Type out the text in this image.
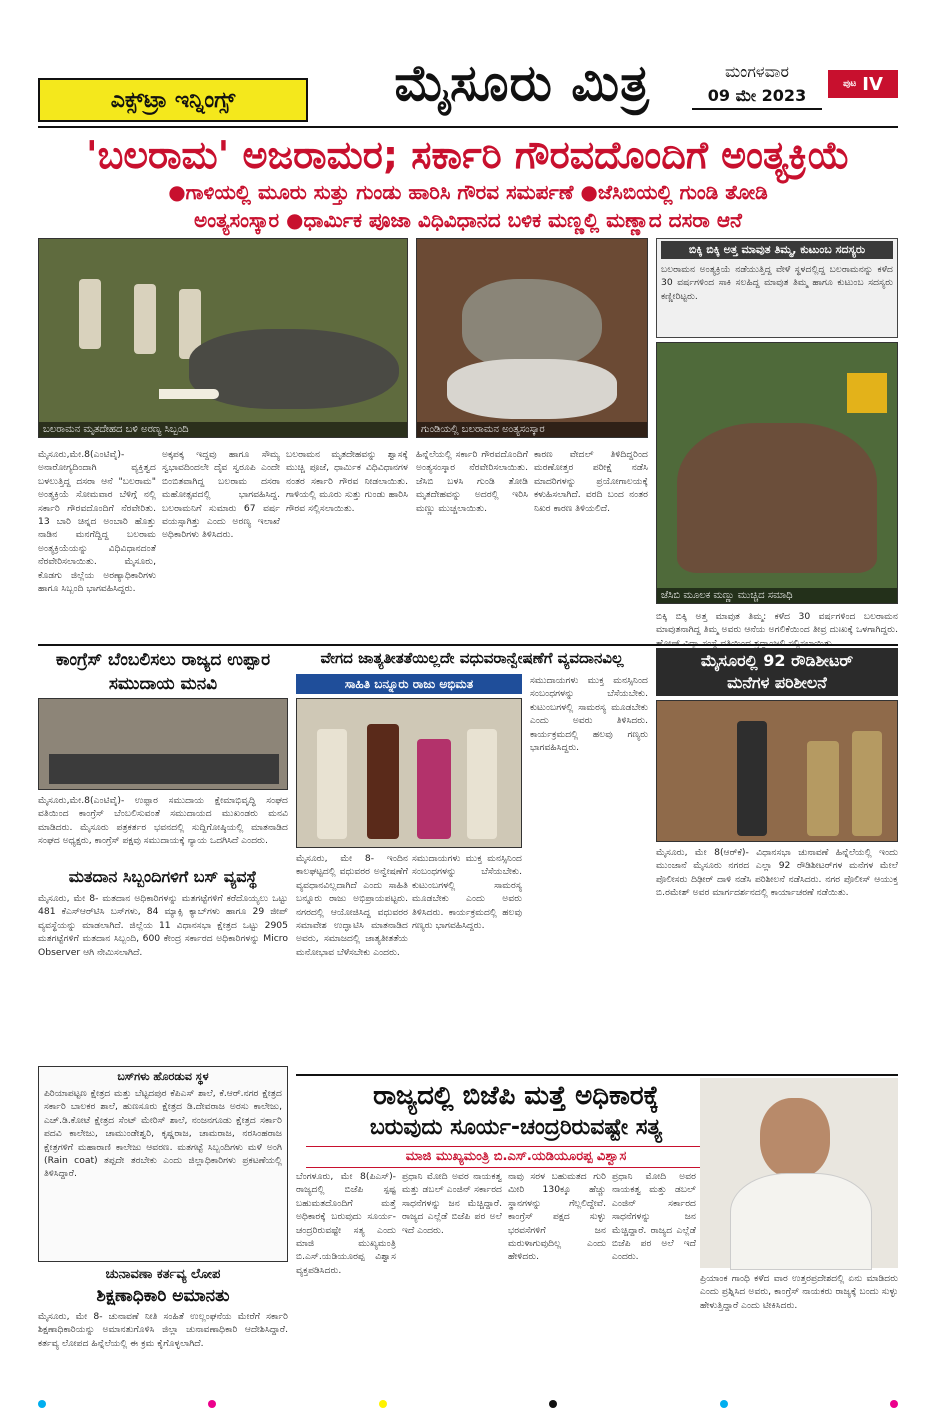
ಎಕ್ಸ್‌ಟ್ರಾ ಇನ್ನಿಂಗ್ಸ್	ಮೈಸೂರು ಮಿತ್ರ	ಮಂಗಳವಾರ
09 ಮೇ 2023
ಪುಟ IV
'ಬಲರಾಮ' ಅಜರಾಮರ; ಸರ್ಕಾರಿ ಗೌರವದೊಂದಿಗೆ ಅಂತ್ಯಕ್ರಿಯೆ
●ಗಾಳಿಯಲ್ಲಿ ಮೂರು ಸುತ್ತು ಗುಂಡು ಹಾರಿಸಿ ಗೌರವ ಸಮರ್ಪಣೆ ●ಜೆಸಿಬಿಯಲ್ಲಿ ಗುಂಡಿ ತೋಡಿ
ಅಂತ್ಯಸಂಸ್ಕಾರ ●ಧಾರ್ಮಿಕ ಪೂಜಾ ವಿಧಿವಿಧಾನದ ಬಳಿಕ ಮಣ್ಣಲ್ಲಿ ಮಣ್ಣಾದ ದಸರಾ ಆನೆ
ಬಲರಾಮನ ಮೃತದೇಹದ ಬಳಿ ಅರಣ್ಯ ಸಿಬ್ಬಂದಿ	ಗುಂಡಿಯಲ್ಲಿ ಬಲರಾಮನ ಅಂತ್ಯಸಂಸ್ಕಾರ
ಬಿಕ್ಕಿ ಬಿಕ್ಕಿ ಅತ್ತ ಮಾವುತ ತಿಮ್ಮ, ಕುಟುಂಬ ಸದಸ್ಯರು
ಬಲರಾಮನ ಅಂತ್ಯಕ್ರಿಯೆ ನಡೆಯುತ್ತಿದ್ದ ವೇಳೆ ಸ್ಥಳದಲ್ಲಿದ್ದ ಬಲರಾಮನನ್ನು ಕಳೆದ 30 ವರ್ಷಗಳಿಂದ ಸಾಕಿ ಸಲಹಿದ್ದ ಮಾವುತ ತಿಮ್ಮ ಹಾಗೂ ಕುಟುಂಬ ಸದಸ್ಯರು ಕಣ್ಣೀರಿಟ್ಟರು.
ಜೆಸಿಬಿ ಮೂಲಕ ಮಣ್ಣು ಮುಚ್ಚಿದ ಸಮಾಧಿ
ಮೈಸೂರು,ಮೇ.8(ಎಂಟಿವೈ)- ಅನಾರೋಗ್ಯದಿಂದಾಗಿ ವ್ಯಕ್ತಿತ್ವದ ಬಳಲುತ್ತಿದ್ದ ದಸರಾ ಆನೆ "ಬಲರಾಮ" ಅಂತ್ಯಕ್ರಿಯೆ ಸೋಮವಾರ ಬೆಳಿಗ್ಗೆ ನಲ್ಲಿ ಸರ್ಕಾರಿ ಗೌರವದೊಂದಿಗೆ ನೆರವೇರಿತು. 13 ಬಾರಿ ಚಿನ್ನದ ಅಂಬಾರಿ ಹೊತ್ತು ನಾಡಿನ ಮನಗೆದ್ದಿದ್ದ ಬಲರಾಮ ಅಂತ್ಯಕ್ರಿಯೆಯನ್ನು ವಿಧಿವಿಧಾನದಂತೆ ನೆರವೇರಿಸಲಾಯಿತು. ಮೈಸೂರು, ಕೊಡಗು ಜಿಲ್ಲೆಯ ಅರಣ್ಯಾಧಿಕಾರಿಗಳು ಹಾಗೂ ಸಿಬ್ಬಂದಿ ಭಾಗವಹಿಸಿದ್ದರು.
ಅಕ್ಕಪಕ್ಕ ಇದ್ದವು ಹಾಗೂ ಸೌಮ್ಯ ಸ್ವಭಾವದಿಂದಲೇ ದೈವ ಸ್ವರೂಪಿ ಎಂದೇ ಬಿಂಬಿತವಾಗಿದ್ದ ಬಲರಾಮ ದಸರಾ ಮಹೋತ್ಸವದಲ್ಲಿ ಭಾಗವಹಿಸಿದ್ದ. ಬಲರಾಮನಿಗೆ ಸುಮಾರು 67 ವರ್ಷ ವಯಸ್ಸಾಗಿತ್ತು ಎಂದು ಅರಣ್ಯ ಇಲಾಖೆ ಅಧಿಕಾರಿಗಳು ತಿಳಿಸಿದರು.
ಬಲರಾಮನ ಮೃತದೇಹವನ್ನು ಶ್ವಾಸಕ್ಕೆ ಮುಚ್ಚಿ ಪೂಜೆ, ಧಾರ್ಮಿಕ ವಿಧಿವಿಧಾನಗಳ ನಂತರ ಸರ್ಕಾರಿ ಗೌರವ ನೀಡಲಾಯಿತು. ಗಾಳಿಯಲ್ಲಿ ಮೂರು ಸುತ್ತು ಗುಂಡು ಹಾರಿಸಿ ಗೌರವ ಸಲ್ಲಿಸಲಾಯಿತು.
ಹಿನ್ನೆಲೆಯಲ್ಲಿ ಸರ್ಕಾರಿ ಗೌರವದೊಂದಿಗೆ ಅಂತ್ಯಸಂಸ್ಕಾರ ನೆರವೇರಿಸಲಾಯಿತು. ಜೆಸಿಬಿ ಬಳಸಿ ಗುಂಡಿ ತೋಡಿ ಮೃತದೇಹವನ್ನು ಅದರಲ್ಲಿ ಇರಿಸಿ ಮಣ್ಣು ಮುಚ್ಚಲಾಯಿತು.
ಕಾರಣ ವೇದಲ್ ತಿಳಿದಿದ್ದರಿಂದ ಮರಣೋತ್ತರ ಪರೀಕ್ಷೆ ನಡೆಸಿ ಮಾದರಿಗಳನ್ನು ಪ್ರಯೋಗಾಲಯಕ್ಕೆ ಕಳುಹಿಸಲಾಗಿದೆ. ವರದಿ ಬಂದ ನಂತರ ನಿಖರ ಕಾರಣ ತಿಳಿಯಲಿದೆ.
ಬಿಕ್ಕಿ ಬಿಕ್ಕಿ ಅತ್ತ ಮಾವುತ ತಿಮ್ಮ: ಕಳೆದ 30 ವರ್ಷಗಳಿಂದ ಬಲರಾಮನ ಮಾವುತನಾಗಿದ್ದ ತಿಮ್ಮ ಅವರು ಆನೆಯ ಅಗಲಿಕೆಯಿಂದ ತೀವ್ರ ದುಃಖಕ್ಕೆ ಒಳಗಾಗಿದ್ದರು.
ಕಾಂಗ್ರೆಸ್ ಬೆಂಬಲಿಸಲು ರಾಜ್ಯದ ಉಪ್ಪಾರ ಸಮುದಾಯ ಮನವಿ
ಮೈಸೂರು,ಮೇ.8(ಎಂಟಿವೈ)- ಉಪ್ಪಾರ ಸಮುದಾಯ ಕ್ಷೇಮಾಭಿವೃದ್ಧಿ ಸಂಘದ ವತಿಯಿಂದ ಕಾಂಗ್ರೆಸ್ ಬೆಂಬಲಿಸುವಂತೆ ಸಮುದಾಯದ ಮುಖಂಡರು ಮನವಿ ಮಾಡಿದರು. ಮೈಸೂರು ಪತ್ರಕರ್ತರ ಭವನದಲ್ಲಿ ಸುದ್ದಿಗೋಷ್ಠಿಯಲ್ಲಿ ಮಾತನಾಡಿದ ಸಂಘದ ಅಧ್ಯಕ್ಷರು, ಕಾಂಗ್ರೆಸ್ ಪಕ್ಷವು ಸಮುದಾಯಕ್ಕೆ ನ್ಯಾಯ ಒದಗಿಸಿದೆ ಎಂದರು.
ಮತದಾನ ಸಿಬ್ಬಂದಿಗಳಿಗೆ ಬಸ್ ವ್ಯವಸ್ಥೆ
ಮೈಸೂರು, ಮೇ 8- ಮತದಾನ ಅಧಿಕಾರಿಗಳನ್ನು ಮತಗಟ್ಟೆಗಳಿಗೆ ಕರೆದೊಯ್ಯಲು ಒಟ್ಟು 481 ಕೆಎಸ್‌ಆರ್‌ಟಿಸಿ ಬಸ್‌ಗಳು, 84 ಮ್ಯಾಕ್ಸಿ ಕ್ಯಾಬ್‌ಗಳು ಹಾಗೂ 29 ಜೀಪ್ ವ್ಯವಸ್ಥೆಯನ್ನು ಮಾಡಲಾಗಿದೆ. ಜಿಲ್ಲೆಯ 11 ವಿಧಾನಸಭಾ ಕ್ಷೇತ್ರದ ಒಟ್ಟು 2905 ಮತಗಟ್ಟೆಗಳಿಗೆ ಮತದಾನ ಸಿಬ್ಬಂದಿ, 600 ಕೇಂದ್ರ ಸರ್ಕಾರದ ಅಧಿಕಾರಿಗಳನ್ನು Micro Observer ಆಗಿ ನೇಮಿಸಲಾಗಿದೆ.
ಬಸ್‌ಗಳು ಹೊರಡುವ ಸ್ಥಳ
ಪಿರಿಯಾಪಟ್ಟಣ ಕ್ಷೇತ್ರದ ಮತ್ತು ಬೆಟ್ಟದಪುರ ಕೆಪಿಎಸ್ ಶಾಲೆ, ಕೆ.ಆರ್.ನಗರ ಕ್ಷೇತ್ರದ ಸರ್ಕಾರಿ ಬಾಲಕರ ಶಾಲೆ, ಹುಣಸೂರು ಕ್ಷೇತ್ರದ ಡಿ.ದೇವರಾಜ ಅರಸು ಕಾಲೇಜು, ಎಚ್.ಡಿ.ಕೋಟೆ ಕ್ಷೇತ್ರದ ಸೆಂಟ್ ಮೇರಿಸ್ ಶಾಲೆ, ನಂಜನಗೂಡು ಕ್ಷೇತ್ರದ ಸರ್ಕಾರಿ ಪದವಿ ಕಾಲೇಜು, ಚಾಮುಂಡೇಶ್ವರಿ, ಕೃಷ್ಣರಾಜ, ಚಾಮರಾಜ, ನರಸಿಂಹರಾಜ ಕ್ಷೇತ್ರಗಳಿಗೆ ಮಹಾರಾಣಿ ಕಾಲೇಜು ಆವರಣ. ಮತಗಟ್ಟೆ ಸಿಬ್ಬಂದಿಗಳು ಮಳೆ ಅಂಗಿ (Rain coat) ತಪ್ಪದೇ ತರಬೇಕು ಎಂದು ಜಿಲ್ಲಾಧಿಕಾರಿಗಳು ಪ್ರಕಟಣೆಯಲ್ಲಿ ತಿಳಿಸಿದ್ದಾರೆ.
ಚುನಾವಣಾ ಕರ್ತವ್ಯ ಲೋಪ
ಶಿಕ್ಷಣಾಧಿಕಾರಿ ಅಮಾನತು
ಮೈಸೂರು, ಮೇ 8- ಚುನಾವಣೆ ನೀತಿ ಸಂಹಿತೆ ಉಲ್ಲಂಘನೆಯ ಮೇರೆಗೆ ಸರ್ಕಾರಿ ಶಿಕ್ಷಣಾಧಿಕಾರಿಯನ್ನು ಅಮಾನತುಗೊಳಿಸಿ ಜಿಲ್ಲಾ ಚುನಾವಣಾಧಿಕಾರಿ ಆದೇಶಿಸಿದ್ದಾರೆ. ಕರ್ತವ್ಯ ಲೋಪದ ಹಿನ್ನೆಲೆಯಲ್ಲಿ ಈ ಕ್ರಮ ಕೈಗೊಳ್ಳಲಾಗಿದೆ.
ವೇಗದ ಜಾತ್ಯತೀತತೆಯಿಲ್ಲದೇ ವಧುವರಾನ್ವೇಷಣೆಗೆ ವ್ಯವದಾನವಿಲ್ಲ
ಸಾಹಿತಿ ಬನ್ನೂರು ರಾಜು ಅಭಿಮತ
ಮೈಸೂರು, ಮೇ 8- ಇಂದಿನ ಕಾಲಘಟ್ಟದಲ್ಲಿ ವಧುವರರ ಅನ್ವೇಷಣೆಗೆ ವ್ಯವಧಾನವಿಲ್ಲದಾಗಿದೆ ಎಂದು ಸಾಹಿತಿ ಬನ್ನೂರು ರಾಜು ಅಭಿಪ್ರಾಯಪಟ್ಟರು. ನಗರದಲ್ಲಿ ಆಯೋಜಿಸಿದ್ದ ವಧುವರರ ಸಮಾವೇಶ ಉದ್ಘಾಟಿಸಿ ಮಾತನಾಡಿದ ಅವರು, ಸಮಾಜದಲ್ಲಿ ಜಾತ್ಯತೀತತೆಯ ಮನೋಭಾವ ಬೆಳೆಸಬೇಕು ಎಂದರು.
ಸಮುದಾಯಗಳು ಮುಕ್ತ ಮನಸ್ಸಿನಿಂದ ಸಂಬಂಧಗಳನ್ನು ಬೆಸೆಯಬೇಕು. ಕುಟುಂಬಗಳಲ್ಲಿ ಸಾಮರಸ್ಯ ಮೂಡಬೇಕು ಎಂದು ಅವರು ತಿಳಿಸಿದರು. ಕಾರ್ಯಕ್ರಮದಲ್ಲಿ ಹಲವು ಗಣ್ಯರು ಭಾಗವಹಿಸಿದ್ದರು.
ಸಮುದಾಯಗಳು ಮುಕ್ತ ಮನಸ್ಸಿನಿಂದ ಸಂಬಂಧಗಳನ್ನು ಬೆಸೆಯಬೇಕು. ಕುಟುಂಬಗಳಲ್ಲಿ ಸಾಮರಸ್ಯ ಮೂಡಬೇಕು ಎಂದು ಅವರು ತಿಳಿಸಿದರು. ಕಾರ್ಯಕ್ರಮದಲ್ಲಿ ಹಲವು ಗಣ್ಯರು ಭಾಗವಹಿಸಿದ್ದರು.
ಮೈಸೂರಲ್ಲಿ 92 ರೌಡಿಶೀಟರ್
ಮನೆಗಳ ಪರಿಶೀಲನೆ
ಮೈಸೂರು, ಮೇ 8(ಆರ್‌ಕೆ)- ವಿಧಾನಸಭಾ ಚುನಾವಣೆ ಹಿನ್ನೆಲೆಯಲ್ಲಿ ಇಂದು ಮುಂಜಾನೆ ಮೈಸೂರು ನಗರದ ಎಲ್ಲಾ 92 ರೌಡಿಶೀಟರ್‌ಗಳ ಮನೆಗಳ ಮೇಲೆ ಪೊಲೀಸರು ದಿಢೀರ್ ದಾಳಿ ನಡೆಸಿ ಪರಿಶೀಲನೆ ನಡೆಸಿದರು. ನಗರ ಪೊಲೀಸ್ ಆಯುಕ್ತ ಬಿ.ರಮೇಶ್ ಅವರ ಮಾರ್ಗದರ್ಶನದಲ್ಲಿ ಕಾರ್ಯಾಚರಣೆ ನಡೆಯಿತು.
ರಾಜ್ಯದಲ್ಲಿ ಬಿಜೆಪಿ ಮತ್ತೆ ಅಧಿಕಾರಕ್ಕೆ
ಬರುವುದು ಸೂರ್ಯ-ಚಂದ್ರರಿರುವಷ್ಟೇ ಸತ್ಯ
ಮಾಜಿ ಮುಖ್ಯಮಂತ್ರಿ ಬಿ.ಎಸ್.ಯಡಿಯೂರಪ್ಪ ವಿಶ್ವಾಸ
ಬೆಂಗಳೂರು, ಮೇ 8(ಪಿಎಸ್)- ರಾಜ್ಯದಲ್ಲಿ ಬಿಜೆಪಿ ಸ್ಪಷ್ಟ ಬಹುಮತದೊಂದಿಗೆ ಮತ್ತೆ ಅಧಿಕಾರಕ್ಕೆ ಬರುವುದು ಸೂರ್ಯ-ಚಂದ್ರರಿರುವಷ್ಟೇ ಸತ್ಯ ಎಂದು ಮಾಜಿ ಮುಖ್ಯಮಂತ್ರಿ ಬಿ.ಎಸ್.ಯಡಿಯೂರಪ್ಪ ವಿಶ್ವಾಸ ವ್ಯಕ್ತಪಡಿಸಿದರು.
ಪ್ರಧಾನಿ ಮೋದಿ ಅವರ ನಾಯಕತ್ವ ಮತ್ತು ಡಬಲ್ ಎಂಜಿನ್ ಸರ್ಕಾರದ ಸಾಧನೆಗಳನ್ನು ಜನ ಮೆಚ್ಚಿದ್ದಾರೆ. ರಾಜ್ಯದ ಎಲ್ಲೆಡೆ ಬಿಜೆಪಿ ಪರ ಅಲೆ ಇದೆ ಎಂದರು.
ನಾವು ಸರಳ ಬಹುಮತದ ಗುರಿ ಮೀರಿ 130ಕ್ಕೂ ಹೆಚ್ಚು ಸ್ಥಾನಗಳನ್ನು ಗೆಲ್ಲಲಿದ್ದೇವೆ. ಕಾಂಗ್ರೆಸ್ ಪಕ್ಷದ ಸುಳ್ಳು ಭರವಸೆಗಳಿಗೆ ಜನ ಮರುಳಾಗುವುದಿಲ್ಲ ಎಂದು ಹೇಳಿದರು.
ಪ್ರಧಾನಿ ಮೋದಿ ಅವರ ನಾಯಕತ್ವ ಮತ್ತು ಡಬಲ್ ಎಂಜಿನ್ ಸರ್ಕಾರದ ಸಾಧನೆಗಳನ್ನು ಜನ ಮೆಚ್ಚಿದ್ದಾರೆ. ರಾಜ್ಯದ ಎಲ್ಲೆಡೆ ಬಿಜೆಪಿ ಪರ ಅಲೆ ಇದೆ ಎಂದರು.
ಪ್ರಿಯಾಂಕ ಗಾಂಧಿ ಕಳೆದ ವಾರ ಉತ್ತರಪ್ರದೇಶದಲ್ಲಿ ಏನು ಮಾಡಿದರು ಎಂದು ಪ್ರಶ್ನಿಸಿದ ಅವರು, ಕಾಂಗ್ರೆಸ್ ನಾಯಕರು ರಾಜ್ಯಕ್ಕೆ ಬಂದು ಸುಳ್ಳು ಹೇಳುತ್ತಿದ್ದಾರೆ ಎಂದು ಟೀಕಿಸಿದರು.
